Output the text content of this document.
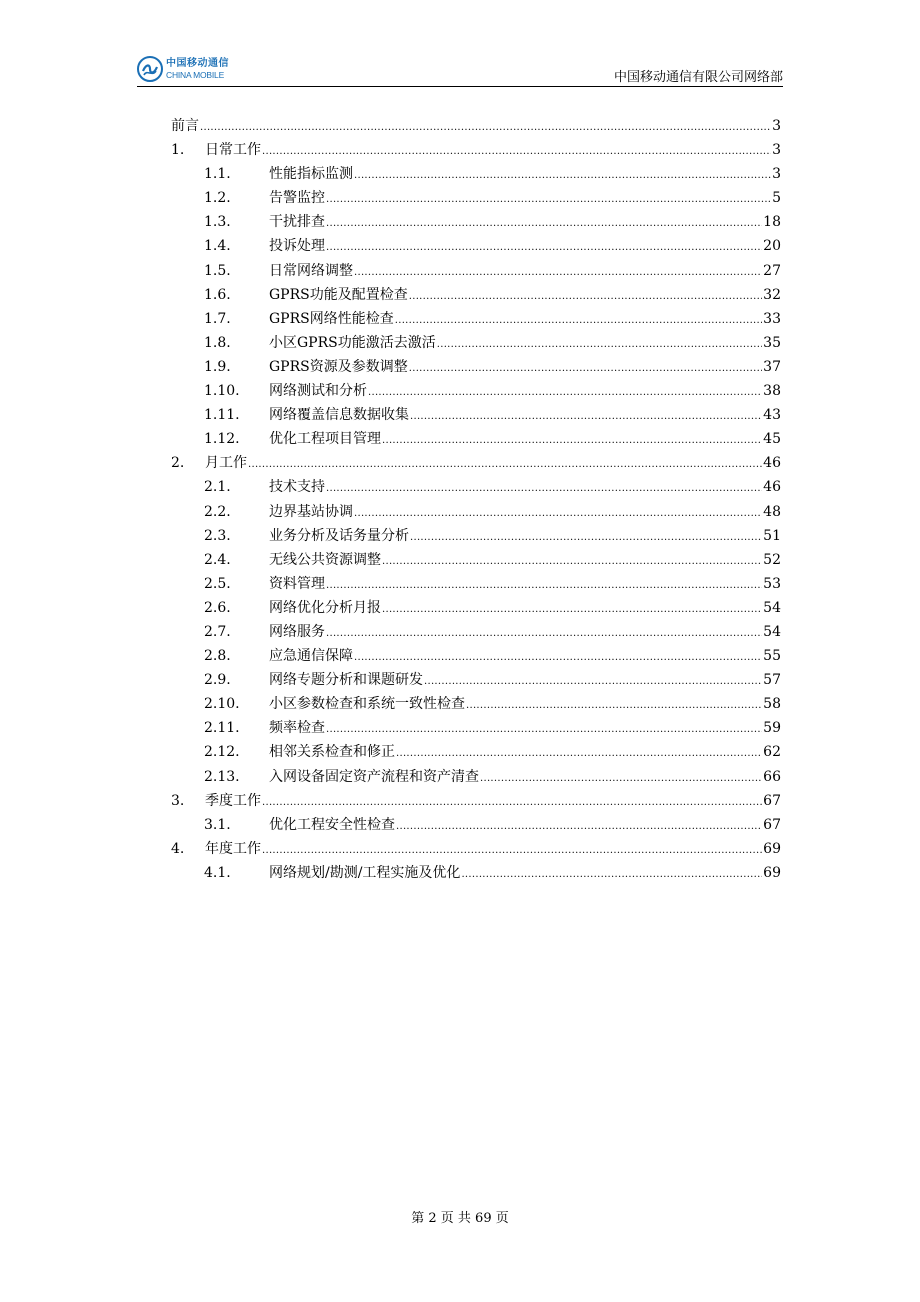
中国移动通信
CHINA MOBILE	中国移动通信有限公司网络部
前言 .....	3
1.	日常工作 .....	3
1.1.	性能指标监测 .....	3
1.2.	告警监控 .....	5
1.3.	干扰排查 .....	18
1.4.	投诉处理 .....	20
1.5.	日常网络调整 .....	27
1.6.	GPRS功能及配置检查 .....	32
1.7.	GPRS网络性能检查 .....	33
1.8.	小区GPRS功能激活去激活 .....	35
1.9.	GPRS资源及参数调整 .....	37
1.10.	网络测试和分析 .....	38
1.11.	网络覆盖信息数据收集 .....	43
1.12.	优化工程项目管理 .....	45
2.	月工作 .....	46
2.1.	技术支持 .....	46
2.2.	边界基站协调 .....	48
2.3.	业务分析及话务量分析 .....	51
2.4.	无线公共资源调整 .....	52
2.5.	资料管理 .....	53
2.6.	网络优化分析月报 .....	54
2.7.	网络服务 .....	54
2.8.	应急通信保障 .....	55
2.9.	网络专题分析和课题研发 .....	57
2.10.	小区参数检查和系统一致性检查 .....	58
2.11.	频率检查 .....	59
2.12.	相邻关系检查和修正 .....	62
2.13.	入网设备固定资产流程和资产清查 .....	66
3.	季度工作 .....	67
3.1.	优化工程安全性检查 .....	67
4.	年度工作 .....	69
4.1.	网络规划/勘测/工程实施及优化 .....	69
第 2 页 共 69 页
